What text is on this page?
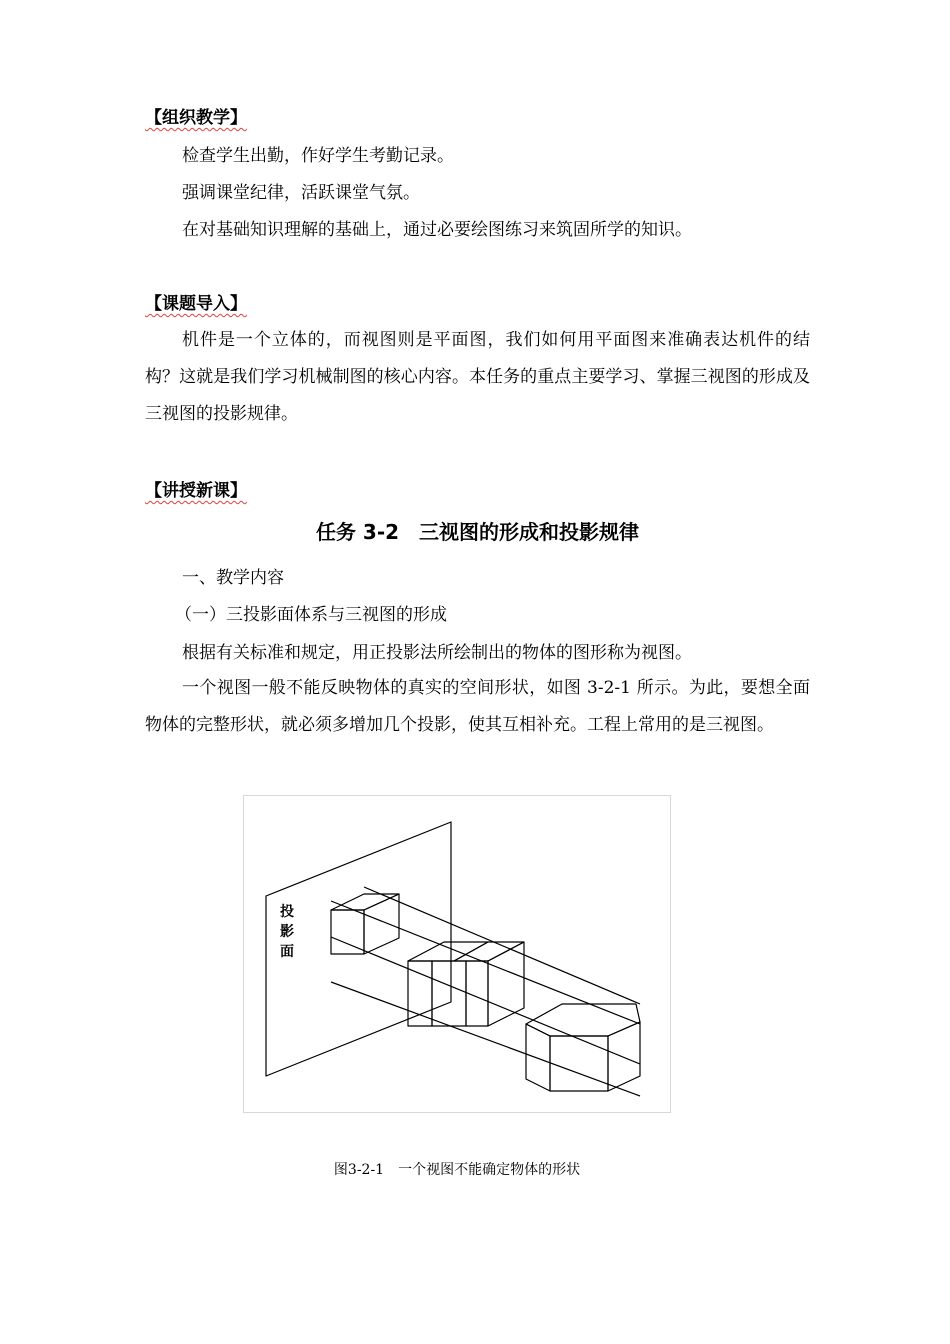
【组织教学】
检查学生出勤，作好学生考勤记录。
强调课堂纪律，活跃课堂气氛。
在对基础知识理解的基础上，通过必要绘图练习来筑固所学的知识。
【课题导入】

机件是一个立体的，而视图则是平面图，我们如何用平面图来准确表达机件的结构？这就是我们学习机械制图的核心内容。本任务的重点主要学习、掌握三视图的形成及三视图的投影规律。

【讲授新课】
任务 3-2　三视图的形成和投影规律
一、教学内容
（一）三投影面体系与三视图的形成
根据有关标准和规定，用正投影法所绘制出的物体的图形称为视图。

一个视图一般不能反映物体的真实的空间形状，如图 3-2-1 所示。为此，要想全面物体的完整形状，就必须多增加几个投影，使其互相补充。工程上常用的是三视图。

投
影
面
图3-2-1　一个视图不能确定物体的形状
